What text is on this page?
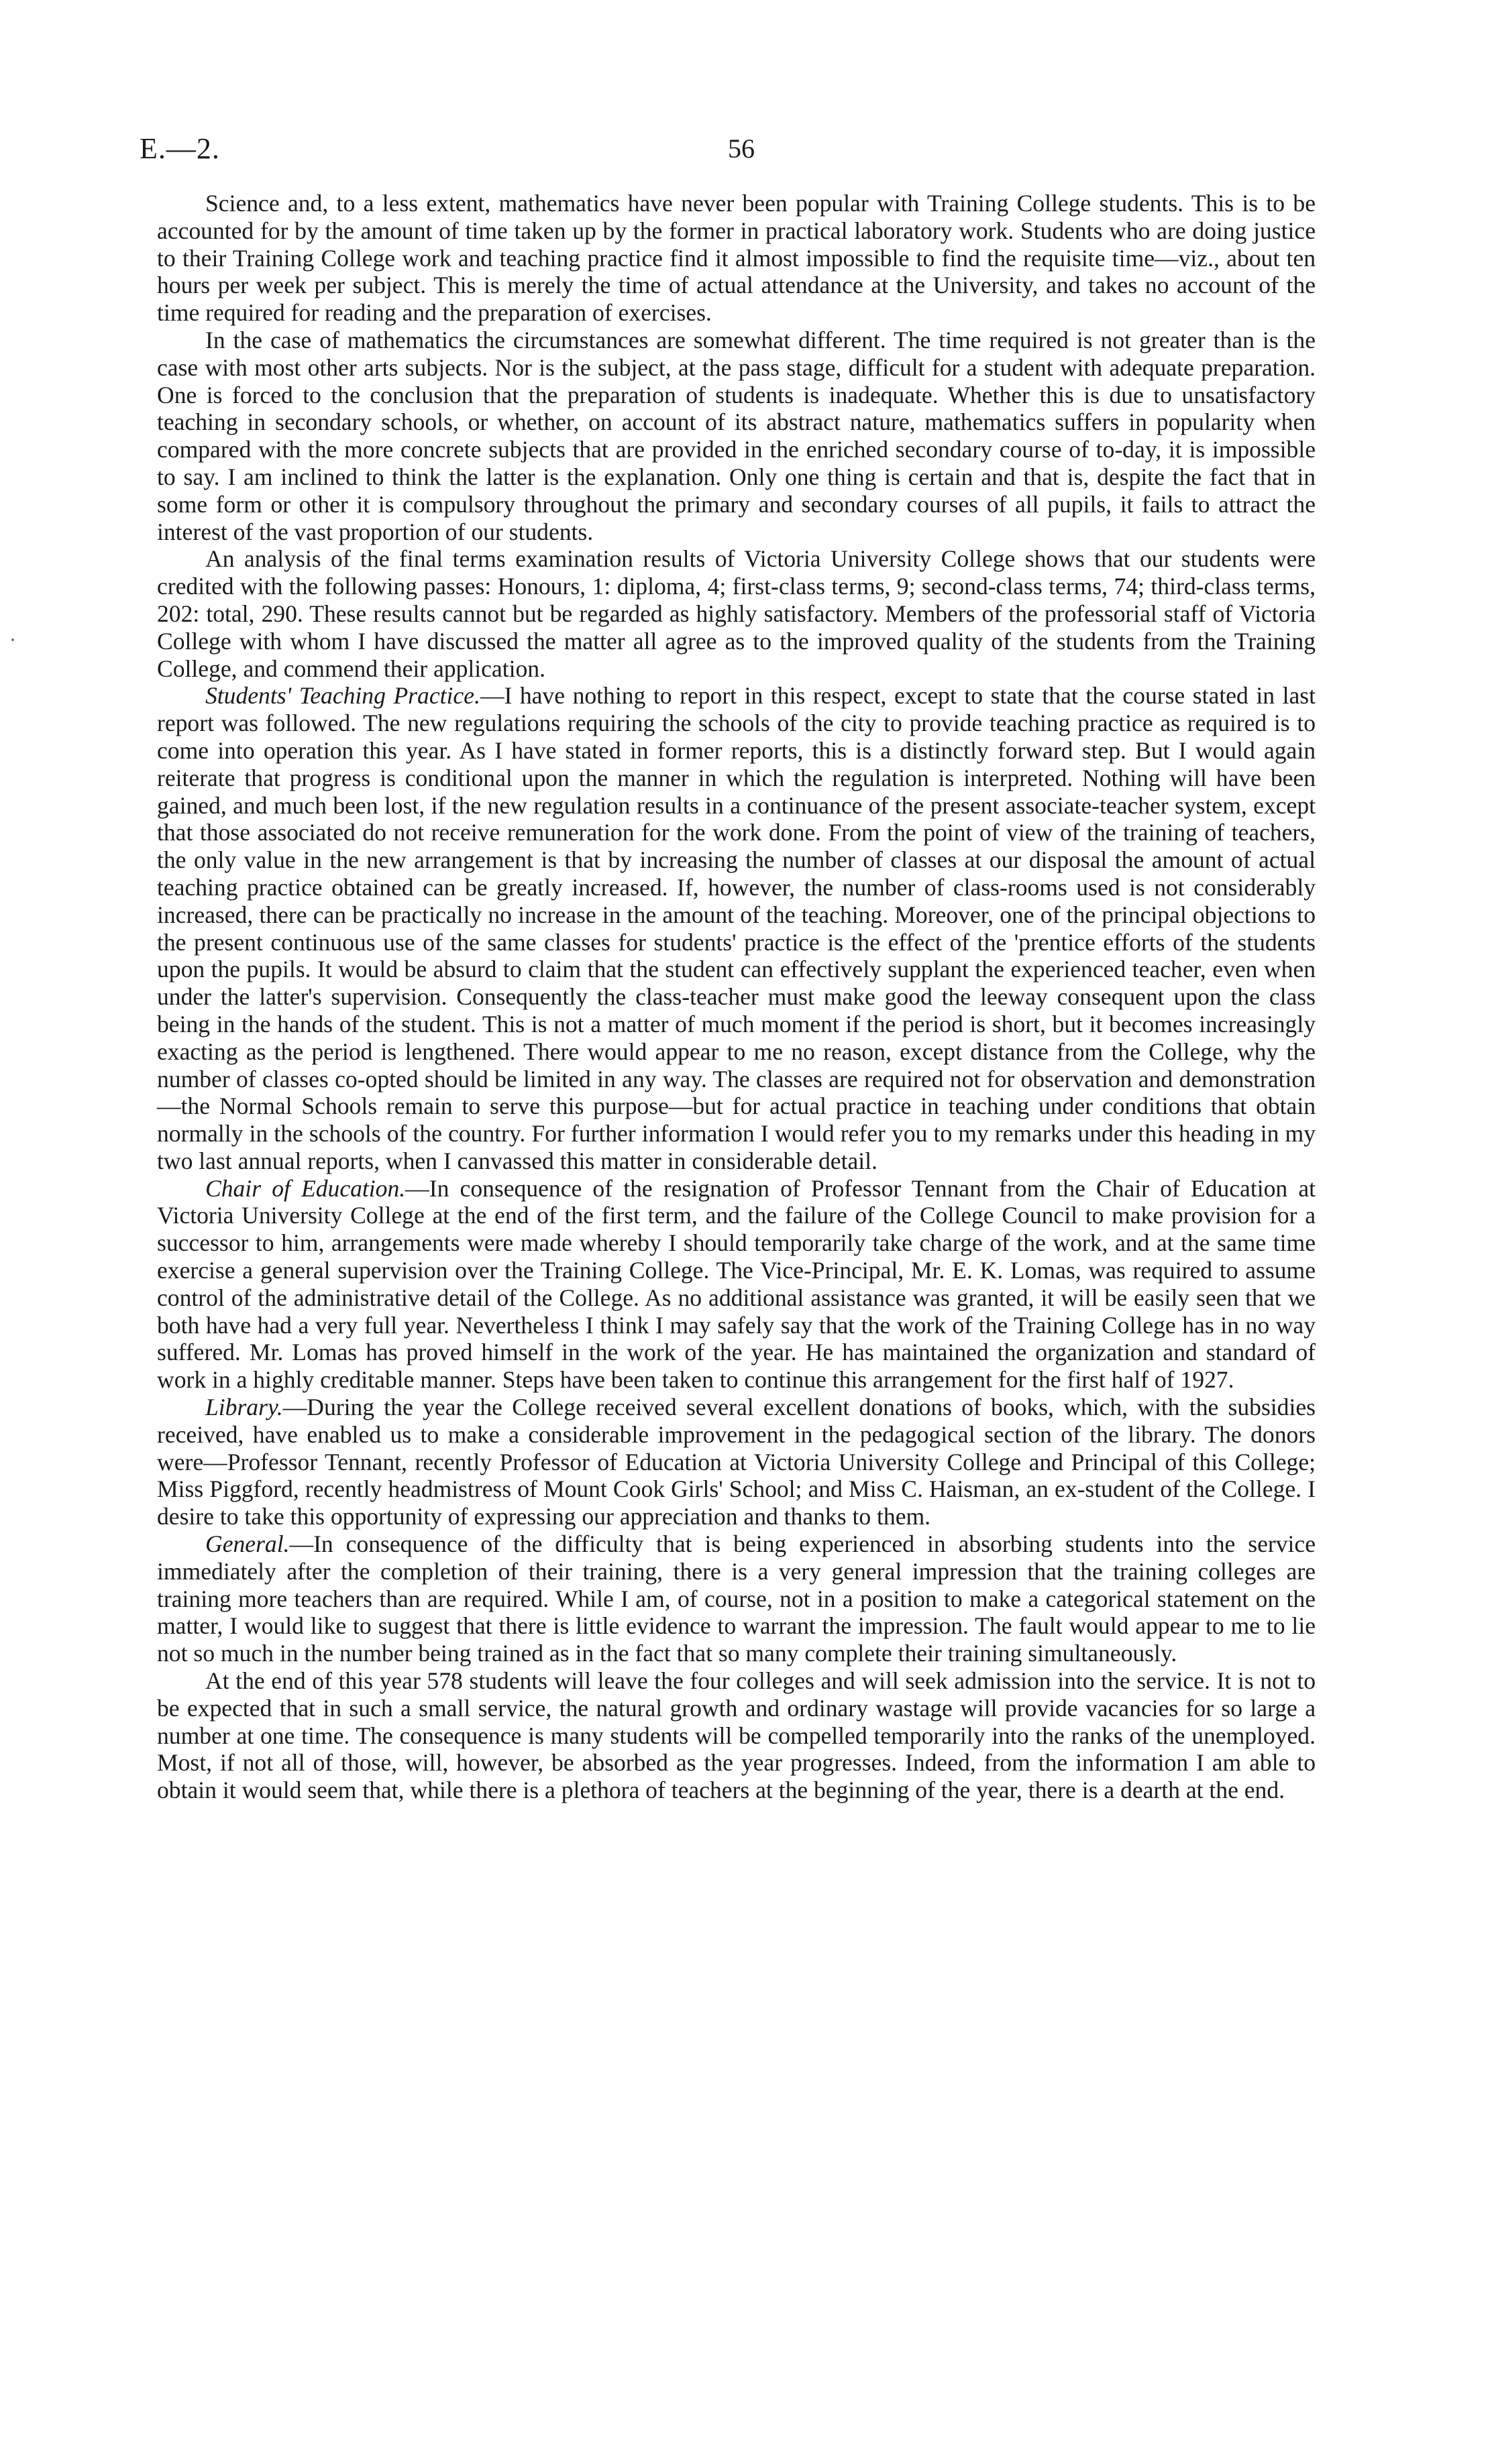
E.—2.	56

Science and, to a less extent, mathematics have never been popular with Training College students. This is to be accounted for by the amount of time taken up by the former in practical laboratory work. Students who are doing justice to their Training College work and teaching practice find it almost impossible to find the requisite time—viz., about ten hours per week per subject. This is merely the time of actual attendance at the University, and takes no account of the time required for reading and the preparation of exercises.

In the case of mathematics the circumstances are somewhat different. The time required is not greater than is the case with most other arts subjects. Nor is the subject, at the pass stage, difficult for a student with adequate preparation. One is forced to the conclusion that the preparation of students is inadequate. Whether this is due to unsatisfactory teaching in secondary schools, or whether, on account of its abstract nature, mathematics suffers in popularity when compared with the more concrete subjects that are provided in the enriched secondary course of to-day, it is impossible to say. I am inclined to think the latter is the explanation. Only one thing is certain and that is, despite the fact that in some form or other it is compulsory throughout the primary and secondary courses of all pupils, it fails to attract the interest of the vast proportion of our students.

An analysis of the final terms examination results of Victoria University College shows that our students were credited with the following passes: Honours, 1: diploma, 4; first-class terms, 9; second-class terms, 74; third-class terms, 202: total, 290. These results cannot but be regarded as highly satisfactory. Members of the professorial staff of Victoria College with whom I have discussed the matter all agree as to the improved quality of the students from the Training College, and commend their application.

Students' Teaching Practice.—I have nothing to report in this respect, except to state that the course stated in last report was followed. The new regulations requiring the schools of the city to provide teaching practice as required is to come into operation this year. As I have stated in former reports, this is a distinctly forward step. But I would again reiterate that progress is conditional upon the manner in which the regulation is interpreted. Nothing will have been gained, and much been lost, if the new regulation results in a continuance of the present associate-teacher system, except that those associated do not receive remuneration for the work done. From the point of view of the training of teachers, the only value in the new arrangement is that by increasing the number of classes at our disposal the amount of actual teaching practice obtained can be greatly increased. If, however, the number of class-rooms used is not considerably increased, there can be practically no increase in the amount of the teaching. Moreover, one of the principal objections to the present continuous use of the same classes for students' practice is the effect of the 'prentice efforts of the students upon the pupils. It would be absurd to claim that the student can effectively supplant the experienced teacher, even when under the latter's supervision. Consequently the class-teacher must make good the leeway consequent upon the class being in the hands of the student. This is not a matter of much moment if the period is short, but it becomes increasingly exacting as the period is lengthened. There would appear to me no reason, except distance from the College, why the number of classes co-opted should be limited in any way. The classes are required not for observation and demonstration—the Normal Schools remain to serve this purpose—but for actual practice in teaching under conditions that obtain normally in the schools of the country. For further information I would refer you to my remarks under this heading in my two last annual reports, when I canvassed this matter in considerable detail.

Chair of Education.—In consequence of the resignation of Professor Tennant from the Chair of Education at Victoria University College at the end of the first term, and the failure of the College Council to make provision for a successor to him, arrangements were made whereby I should temporarily take charge of the work, and at the same time exercise a general supervision over the Training College. The Vice-Principal, Mr. E. K. Lomas, was required to assume control of the administrative detail of the College. As no additional assistance was granted, it will be easily seen that we both have had a very full year. Nevertheless I think I may safely say that the work of the Training College has in no way suffered. Mr. Lomas has proved himself in the work of the year. He has maintained the organization and standard of work in a highly creditable manner. Steps have been taken to continue this arrangement for the first half of 1927.

Library.—During the year the College received several excellent donations of books, which, with the subsidies received, have enabled us to make a considerable improvement in the pedagogical section of the library. The donors were—Professor Tennant, recently Professor of Education at Victoria University College and Principal of this College; Miss Piggford, recently headmistress of Mount Cook Girls' School; and Miss C. Haisman, an ex-student of the College. I desire to take this opportunity of expressing our appreciation and thanks to them.

General.—In consequence of the difficulty that is being experienced in absorbing students into the service immediately after the completion of their training, there is a very general impression that the training colleges are training more teachers than are required. While I am, of course, not in a position to make a categorical statement on the matter, I would like to suggest that there is little evidence to warrant the impression. The fault would appear to me to lie not so much in the number being trained as in the fact that so many complete their training simultaneously.

At the end of this year 578 students will leave the four colleges and will seek admission into the service. It is not to be expected that in such a small service, the natural growth and ordinary wastage will provide vacancies for so large a number at one time. The consequence is many students will be compelled temporarily into the ranks of the unemployed. Most, if not all of those, will, however, be absorbed as the year progresses. Indeed, from the information I am able to obtain it would seem that, while there is a plethora of teachers at the beginning of the year, there is a dearth at the end.
